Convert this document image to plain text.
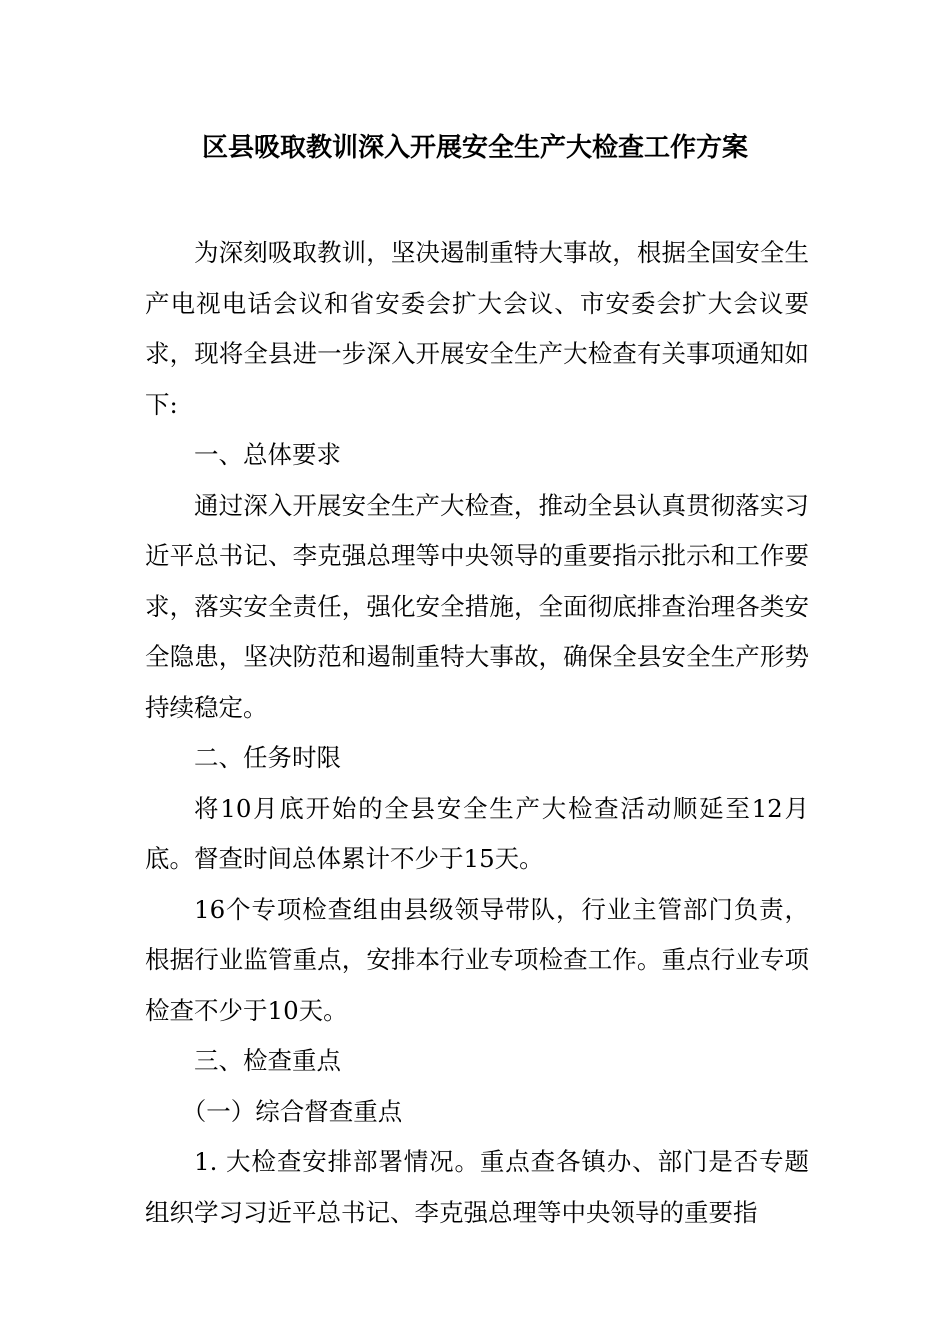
区县吸取教训深入开展安全生产大检查工作方案

为深刻吸取教训，坚决遏制重特大事故，根据全国安全生产电视电话会议和省安委会扩大会议、市安委会扩大会议要求，现将全县进一步深入开展安全生产大检查有关事项通知如下:

一、总体要求

通过深入开展安全生产大检查，推动全县认真贯彻落实习近平总书记、李克强总理等中央领导的重要指示批示和工作要求，落实安全责任，强化安全措施，全面彻底排查治理各类安全隐患，坚决防范和遏制重特大事故，确保全县安全生产形势持续稳定。

二、任务时限

将10月底开始的全县安全生产大检查活动顺延至12月底。督查时间总体累计不少于15天。

16个专项检查组由县级领导带队，行业主管部门负责，根据行业监管重点，安排本行业专项检查工作。重点行业专项检查不少于10天。

三、检查重点

（一）综合督查重点

1. 大检查安排部署情况。重点查各镇办、部门是否专题组织学习习近平总书记、李克强总理等中央领导的重要指
